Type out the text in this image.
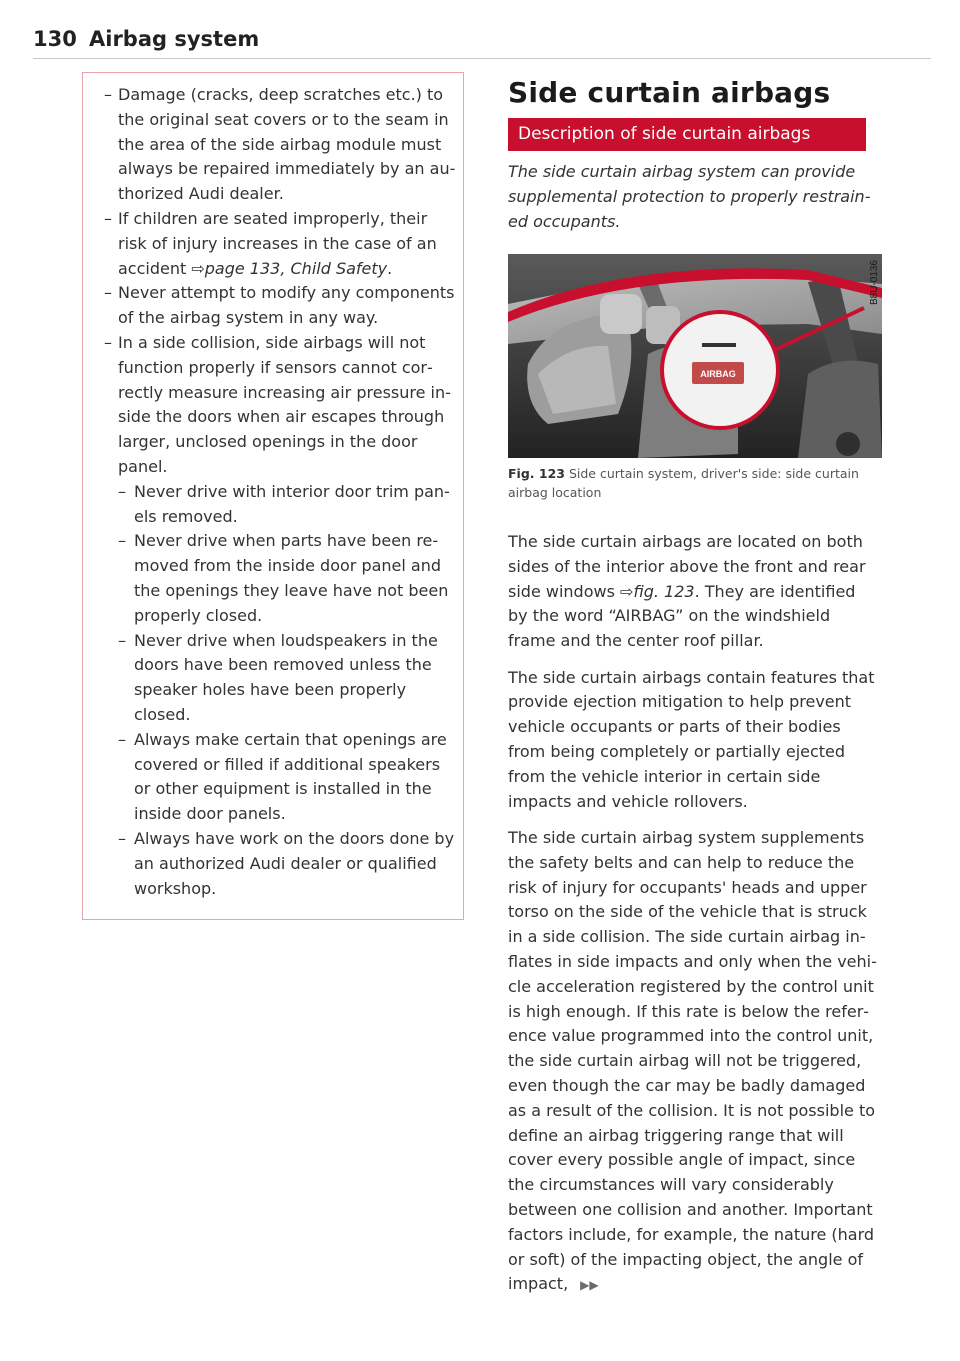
130 Airbag system
– Damage (cracks, deep scratches etc.) to the original seat covers or to the seam in the area of the side airbag module must always be repaired immediately by an authorized Audi dealer.
– If children are seated improperly, their risk of injury increases in the case of an accident ⇨page 133, Child Safety.
– Never attempt to modify any components of the airbag system in any way.
– In a side collision, side airbags will not function properly if sensors cannot correctly measure increasing air pressure inside the doors when air escapes through larger, unclosed openings in the door panel.
– Never drive with interior door trim panels removed.
– Never drive when parts have been removed from the inside door panel and the openings they leave have not been properly closed.
– Never drive when loudspeakers in the doors have been removed unless the speaker holes have been properly closed.
– Always make certain that openings are covered or filled if additional speakers or other equipment is installed in the inside door panels.
– Always have work on the doors done by an authorized Audi dealer or qualified workshop.
Side curtain airbags
Description of side curtain airbags
The side curtain airbag system can provide supplemental protection to properly restrained occupants.
AIRBAG
B8U-0136
Fig. 123 Side curtain system, driver's side: side curtain airbag location

The side curtain airbags are located on both sides of the interior above the front and rear side windows ⇨fig. 123. They are identified by the word “AIRBAG” on the windshield frame and the center roof pillar.

The side curtain airbags contain features that provide ejection mitigation to help prevent vehicle occupants or parts of their bodies from being completely or partially ejected from the vehicle interior in certain side impacts and vehicle rollovers.

The side curtain airbag system supplements the safety belts and can help to reduce the risk of injury for occupants' heads and upper torso on the side of the vehicle that is struck in a side collision. The side curtain airbag inflates in side impacts and only when the vehicle acceleration registered by the control unit is high enough. If this rate is below the reference value programmed into the control unit, the side curtain airbag will not be triggered, even though the car may be badly damaged as a result of the collision. It is not possible to define an airbag triggering range that will cover every possible angle of impact, since the circumstances will vary considerably between one collision and another. Important factors include, for example, the nature (hard or soft) of the impacting object, the angle of impact, ▶▶
